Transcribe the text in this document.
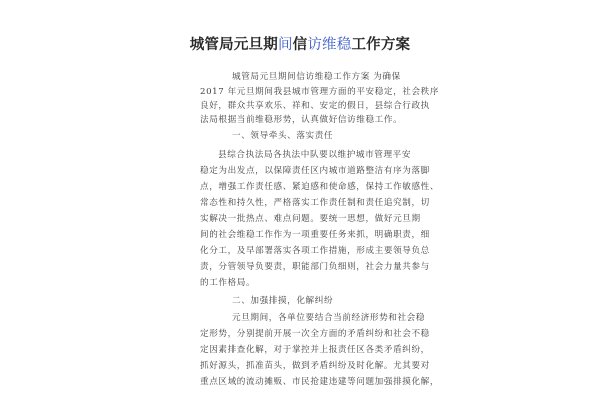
城管局元旦期间信访维稳工作方案
城管局元旦期间信访维稳工作方案 为确保
2017 年元旦期间我县城市管理方面的平安稳定，社会秩序
良好，群众共享欢乐、祥和、安定的假日，县综合行政执
法局根据当前维稳形势，认真做好信访维稳工作。
一、领导牵头、落实责任
县综合执法局各执法中队要以维护城市管理平安
稳定为出发点，以保障责任区内城市道路整洁有序为落脚
点，增强工作责任感、紧迫感和使命感，保持工作敏感性、
常态性和持久性，严格落实工作责任制和责任追究制，切
实解决一批热点、难点问题。要统一思想，做好元旦期
间的社会维稳工作作为一项重要任务来抓，明确职责，细
化分工，及早部署落实各项工作措施，形成主要领导负总
责，分管领导负要责，职能部门负细则，社会力量共参与
的工作格局。
二、加强排摸，化解纠纷
元旦期间，各单位要结合当前经济形势和社会稳
定形势，分别提前开展一次全方面的矛盾纠纷和社会不稳
定因素排查化解，对于掌控并上报责任区各类矛盾纠纷，
抓好源头，抓准苗头，做到矛盾纠纷及时化解。尤其要对
重点区域的流动摊贩、市民抢建违建等问题加强排摸化解，
